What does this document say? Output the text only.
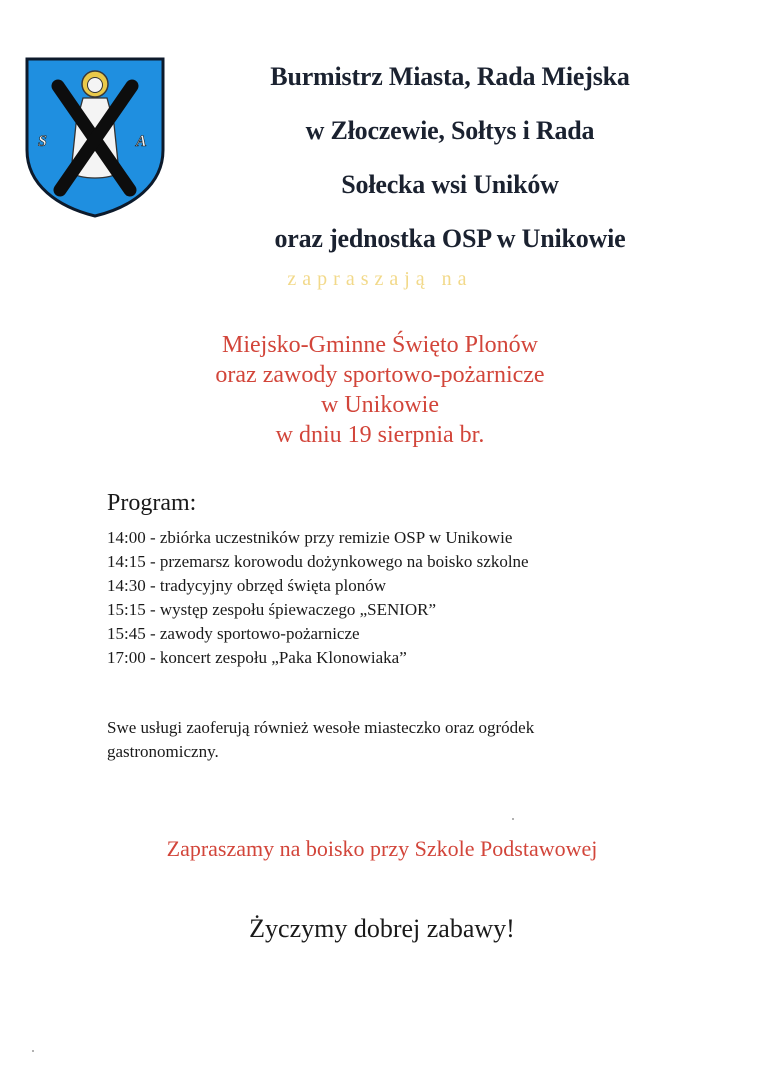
S	A
Burmistrz Miasta, Rada Miejska
w Złoczewie, Sołtys i Rada
Sołecka wsi Uników
oraz jednostka OSP w Unikowie
zapraszają na
Miejsko-Gminne Święto Plonów
oraz zawody sportowo-pożarnicze
w Unikowie
w dniu 19 sierpnia br.
Program:
14:00 - zbiórka uczestników przy remizie OSP w Unikowie
14:15 - przemarsz korowodu dożynkowego na boisko szkolne
14:30 - tradycyjny obrzęd święta plonów
15:15 - występ zespołu śpiewaczego „SENIOR”
15:45 - zawody sportowo-pożarnicze
17:00 - koncert zespołu „Paka Klonowiaka”
Swe usługi zaoferują również wesołe miasteczko oraz ogródek
gastronomiczny.
Zapraszamy na boisko przy Szkole Podstawowej
Życzymy dobrej zabawy!
